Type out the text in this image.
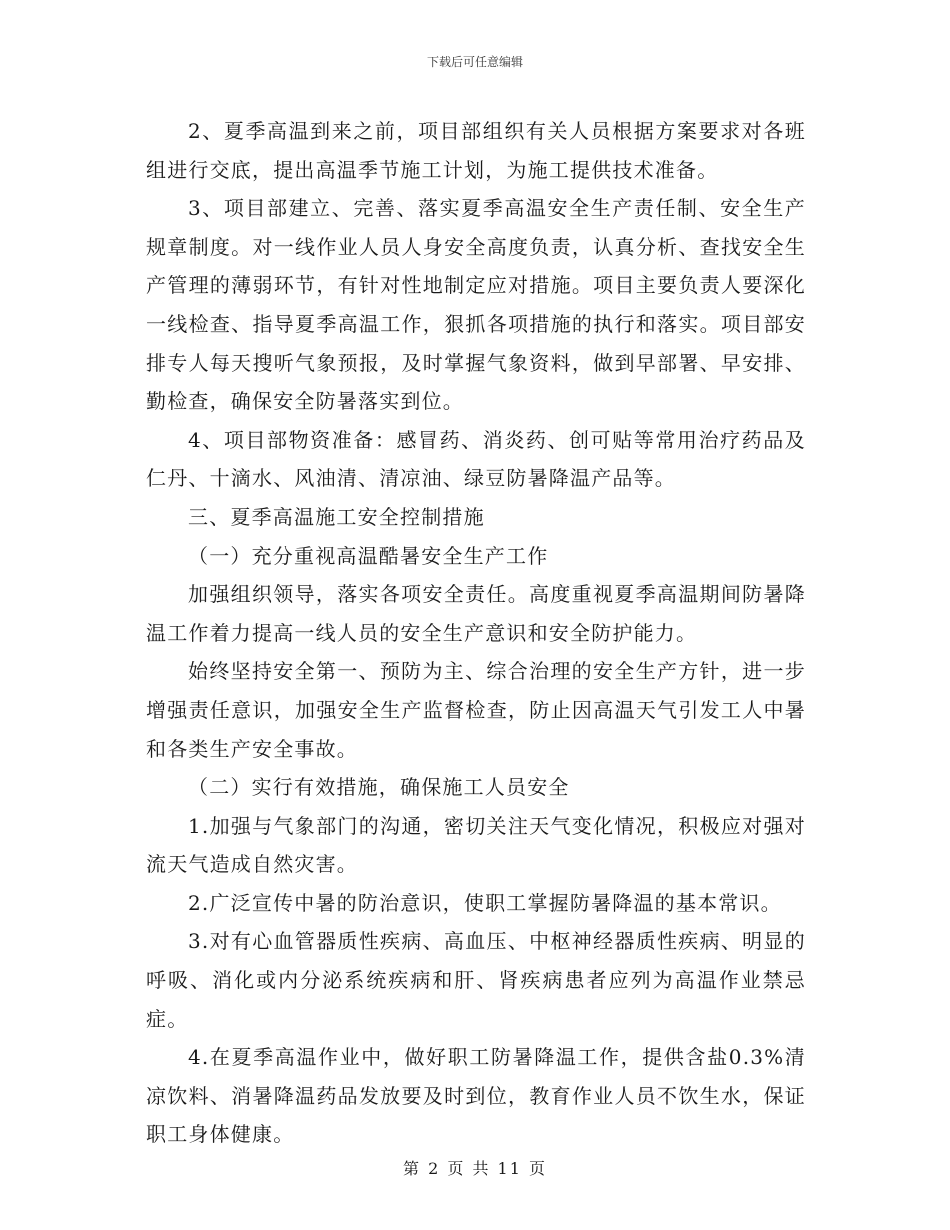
下载后可任意编辑

2、夏季高温到来之前，项目部组织有关人员根据方案要求对各班组进行交底，提出高温季节施工计划，为施工提供技术准备。

3、项目部建立、完善、落实夏季高温安全生产责任制、安全生产规章制度。对一线作业人员人身安全高度负责，认真分析、查找安全生产管理的薄弱环节，有针对性地制定应对措施。项目主要负责人要深化一线检查、指导夏季高温工作，狠抓各项措施的执行和落实。项目部安排专人每天搜听气象预报，及时掌握气象资料，做到早部署、早安排、勤检查，确保安全防暑落实到位。

4、项目部物资准备：感冒药、消炎药、创可贴等常用治疗药品及仁丹、十滴水、风油清、清凉油、绿豆防暑降温产品等。

三、夏季高温施工安全控制措施

（一）充分重视高温酷暑安全生产工作

加强组织领导，落实各项安全责任。高度重视夏季高温期间防暑降温工作着力提高一线人员的安全生产意识和安全防护能力。

始终坚持安全第一、预防为主、综合治理的安全生产方针，进一步增强责任意识，加强安全生产监督检查，防止因高温天气引发工人中暑和各类生产安全事故。

（二）实行有效措施，确保施工人员安全

1.加强与气象部门的沟通，密切关注天气变化情况，积极应对强对流天气造成自然灾害。

2.广泛宣传中暑的防治意识，使职工掌握防暑降温的基本常识。

3.对有心血管器质性疾病、高血压、中枢神经器质性疾病、明显的呼吸、消化或内分泌系统疾病和肝、肾疾病患者应列为高温作业禁忌症。

4.在夏季高温作业中，做好职工防暑降温工作，提供含盐0.3%清凉饮料、消暑降温药品发放要及时到位，教育作业人员不饮生水，保证职工身体健康。

第 2 页 共 11 页
